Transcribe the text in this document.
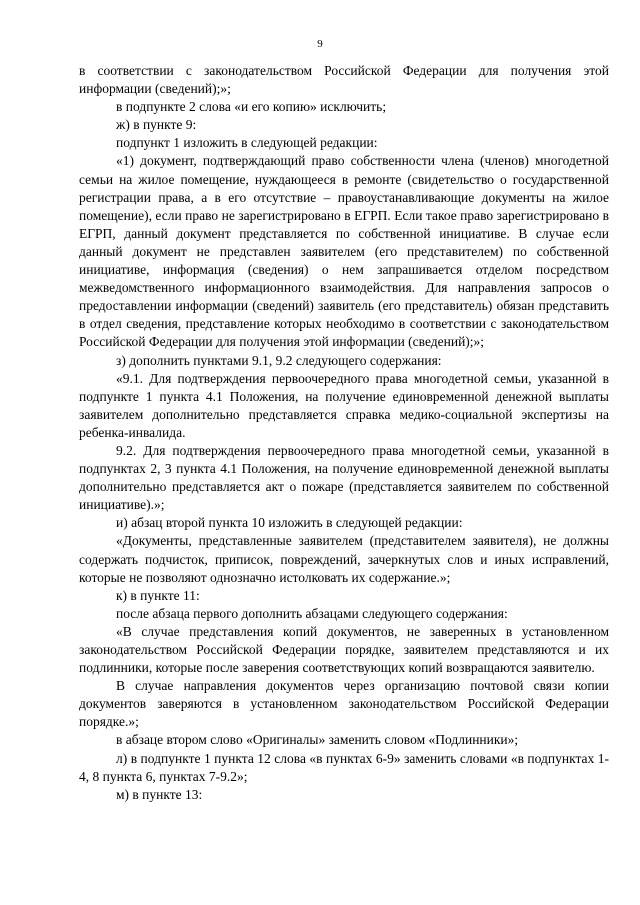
9

в соответствии с законодательством Российской Федерации для получения этой информации (сведений);»;

в подпункте 2 слова «и его копию» исключить;

ж) в пункте 9:

подпункт 1 изложить в следующей редакции:

«1) документ, подтверждающий право собственности члена (членов) многодетной семьи на жилое помещение, нуждающееся в ремонте (свидетельство о государственной регистрации права, а в его отсутствие – правоустанавливающие документы на жилое помещение), если право не зарегистрировано в ЕГРП. Если такое право зарегистрировано в ЕГРП, данный документ представляется по собственной инициативе. В случае если данный документ не представлен заявителем (его представителем) по собственной инициативе, информация (сведения) о нем запрашивается отделом посредством межведомственного информационного взаимодействия. Для направления запросов о предоставлении информации (сведений) заявитель (его представитель) обязан представить в отдел сведения, представление которых необходимо в соответствии с законодательством Российской Федерации для получения этой информации (сведений);»;

з) дополнить пунктами 9.1, 9.2 следующего содержания:

«9.1. Для подтверждения первоочередного права многодетной семьи, указанной в подпункте 1 пункта 4.1 Положения, на получение единовременной денежной выплаты заявителем дополнительно представляется справка медико-социальной экспертизы на ребенка-инвалида.

9.2. Для подтверждения первоочередного права многодетной семьи, указанной в подпунктах 2, 3 пункта 4.1 Положения, на получение единовременной денежной выплаты дополнительно представляется акт о пожаре (представляется заявителем по собственной инициативе).»;

и) абзац второй пункта 10 изложить в следующей редакции:

«Документы, представленные заявителем (представителем заявителя), не должны содержать подчисток, приписок, повреждений, зачеркнутых слов и иных исправлений, которые не позволяют однозначно истолковать их содержание.»;

к) в пункте 11:

после абзаца первого дополнить абзацами следующего содержания:

«В случае представления копий документов, не заверенных в установленном законодательством Российской Федерации порядке, заявителем представляются и их подлинники, которые после заверения соответствующих копий возвращаются заявителю.

В случае направления документов через организацию почтовой связи копии документов заверяются в установленном законодательством Российской Федерации порядке.»;

в абзаце втором слово «Оригиналы» заменить словом «Подлинники»;

л) в подпункте 1 пункта 12 слова «в пунктах 6-9» заменить словами «в подпунктах 1-4, 8 пункта 6, пунктах 7-9.2»;

м) в пункте 13:
